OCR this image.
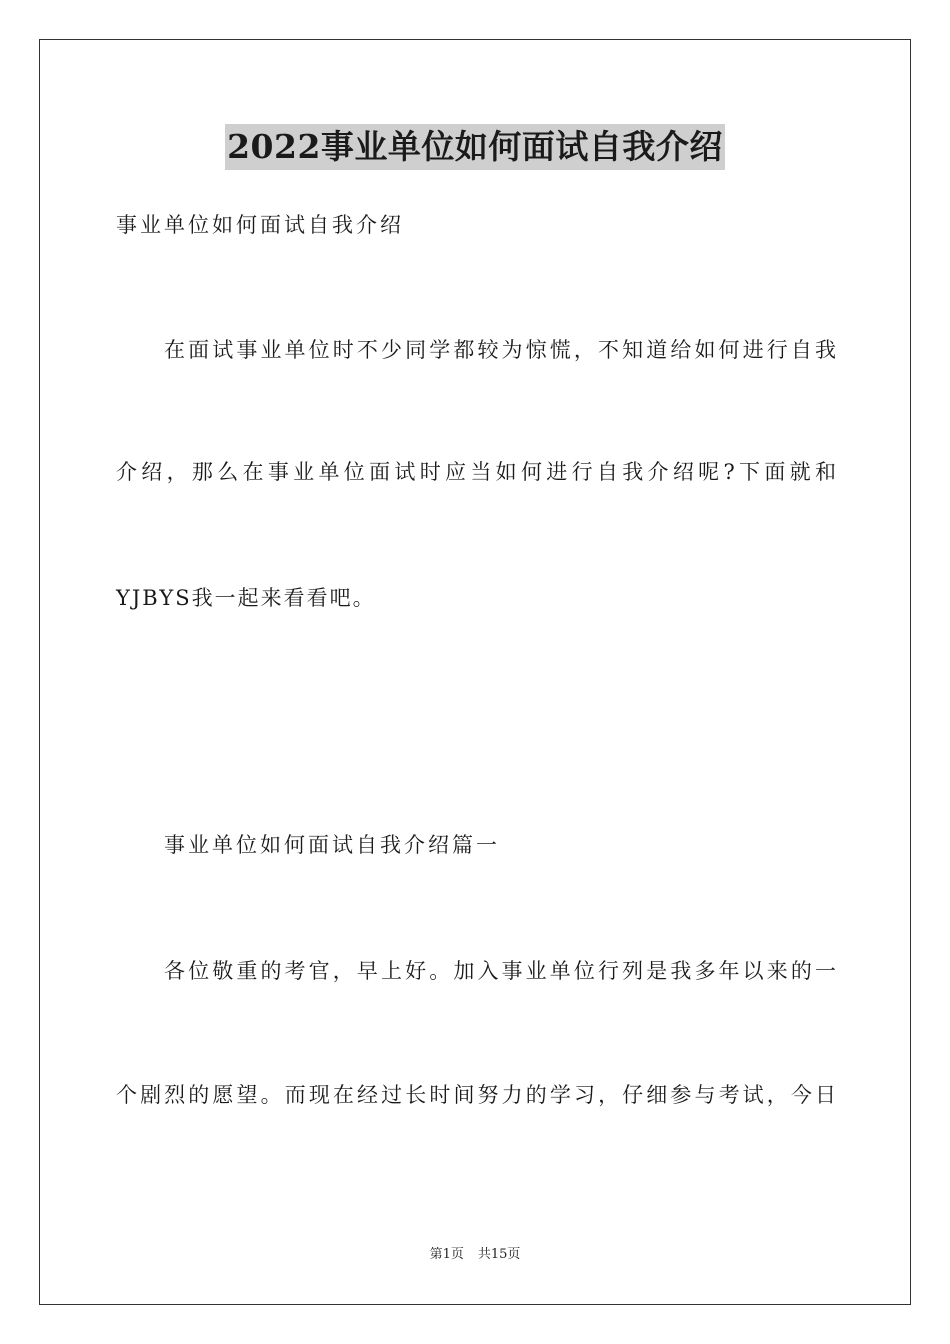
2022事业单位如何面试自我介绍
事业单位如何面试自我介绍
在面试事业单位时不少同学都较为惊慌，不知道给如何进行自我
介绍，那么在事业单位面试时应当如何进行自我介绍呢?下面就和
YJBYS我一起来看看吧。
事业单位如何面试自我介绍篇一
各位敬重的考官，早上好。加入事业单位行列是我多年以来的一
个剧烈的愿望。而现在经过长时间努力的学习，仔细参与考试，今日
第1页 共15页
